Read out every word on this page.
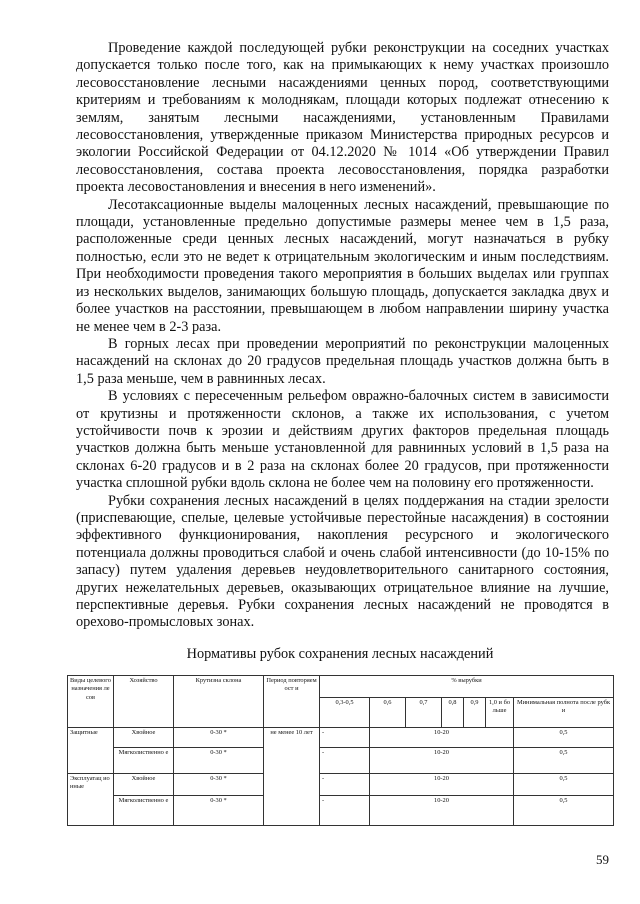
Проведение каждой последующей рубки реконструкции на соседних участках допускается только после того, как на примыкающих к нему участках произошло лесовосстановление лесными насаждениями ценных пород, соответствующими критериям и требованиям к молоднякам, площади которых подлежат отнесению к землям, занятым лесными насаждениями, установленным Правилами лесовосстановления, утвержденные приказом Министерства природных ресурсов и экологии Российской Федерации от 04.12.2020 № 1014 «Об утверждении Правил лесовосстановления, состава проекта лесовосстановления, порядка разработки проекта лесовостановления и внесения в него изменений».

Лесотаксационные выделы малоценных лесных насаждений, превышающие по площади, установленные предельно допустимые размеры менее чем в 1,5 раза, расположенные среди ценных лесных насаждений, могут назначаться в рубку полностью, если это не ведет к отрицательным экологическим и иным последствиям. При необходимости проведения такого мероприятия в больших выделах или группах из нескольких выделов, занимающих большую площадь, допускается закладка двух и более участков на расстоянии, превышающем в любом направлении ширину участка не менее чем в 2-3 раза.

В горных лесах при проведении мероприятий по реконструкции малоценных насаждений на склонах до 20 градусов предельная площадь участков должна быть в 1,5 раза меньше, чем в равнинных лесах.

В условиях с пересеченным рельефом овражно-балочных систем в зависимости от крутизны и протяженности склонов, а также их использования, с учетом устойчивости почв к эрозии и действиям других факторов предельная площадь участков должна быть меньше установленной для равнинных условий в 1,5 раза на склонах 6-20 градусов и в 2 раза на склонах более 20 градусов, при протяженности участка сплошной рубки вдоль склона не более чем на половину его протяженности.

Рубки сохранения лесных насаждений в целях поддержания на стадии зрелости (приспевающие, спелые, целевые устойчивые перестойные насаждения) в состоянии эффективного функционирования, накопления ресурсного и экологического потенциала должны проводиться слабой и очень слабой интенсивности (до 10-15% по запасу) путем удаления деревьев неудовлетворительного санитарного состояния, других нежелательных деревьев, оказывающих отрицательное влияние на лучшие, перспективные деревья. Рубки сохранения лесных насаждений не проводятся в орехово-промысловых зонах.

Нормативы рубок сохранения лесных насаждений
Виды целевого назначения лесов	Хозяйство	Крутизна склона	Период повторяемост и	% вырубки						
				0,3-0,5	0,6	0,7	0,8	0,9	1,0 и больше	Минимальная полнота после рубки
Защитные	Хвойное	0-30 *	не менее 10 лет	-	10-20					0,5
	Мягколиственно е	0-30 *		-	10-20					0,5
Эксплуатац ионные	Хвойное	0-30 *		-	10-20					0,5
	Мягколиственно е	0-30 *		-	10-20					0,5
59
